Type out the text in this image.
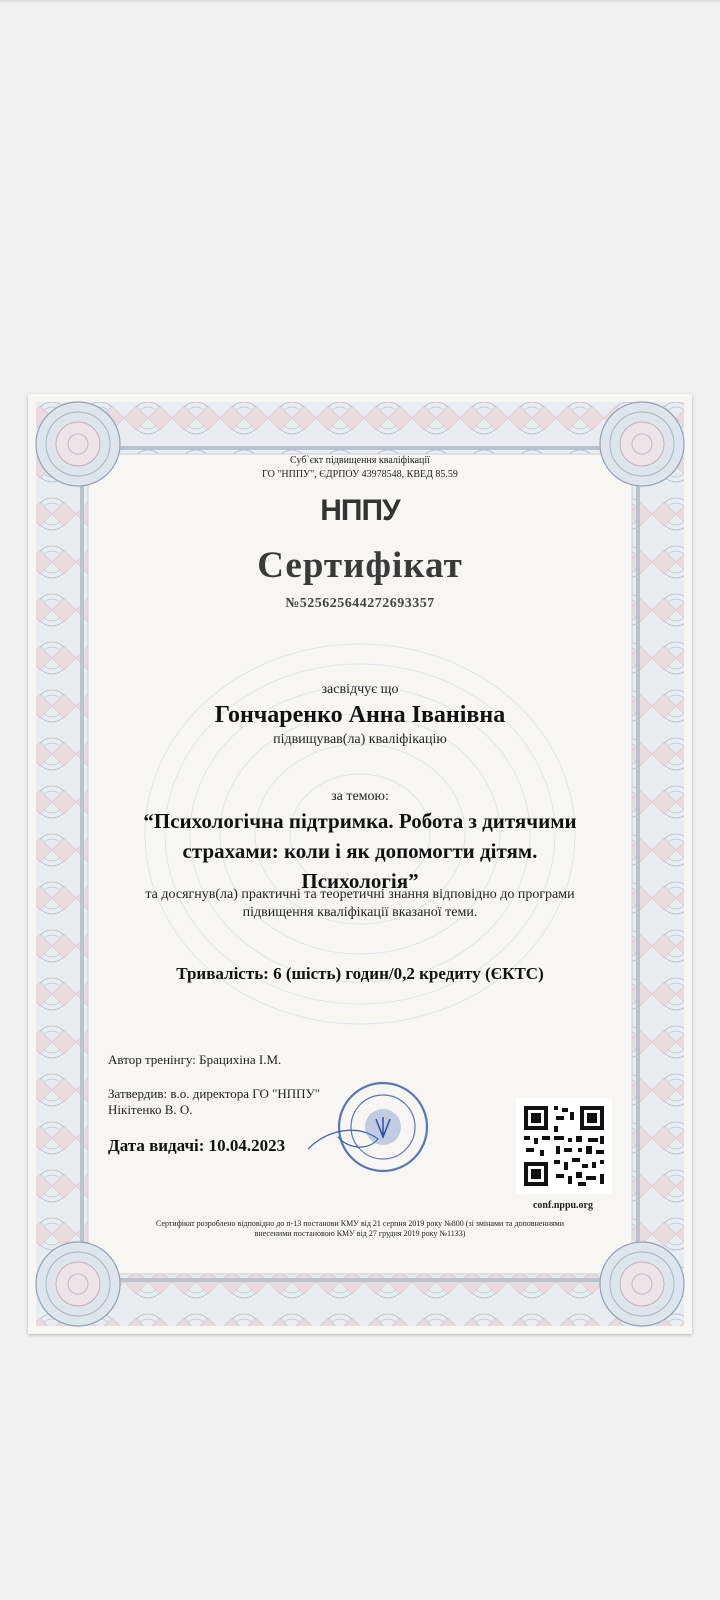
Суб`єкт підвищення кваліфікації
ГО "НППУ", ЄДРПОУ 43978548, КВЕД 85.59
НППУ
Сертифікат
№525625644272693357
засвідчує що
Гончаренко Анна Іванівна
підвищував(ла) кваліфікацію
за темою:
“Психологічна підтримка. Робота з дитячими
страхами: коли і як допомогти дітям.
Психологія”
та досягнув(ла) практичні та теоретичні знання відповідно до програми
підвищення кваліфікації вказаної теми.
Тривалість: 6 (шість) годин/0,2 кредиту (ЄКТС)
Автор тренінгу: Брацихіна І.М.
Затвердив: в.о. директора ГО "НППУ"
Нікітенко В. О.
Дата видачі: 10.04.2023
conf.nppu.org
Сертифікат розроблено відповідно до п-13 постанови КМУ від 21 серпня 2019 року №800 (зі змінами та доповненнями
внесеними постановою КМУ від 27 грудня 2019 року №1133)
